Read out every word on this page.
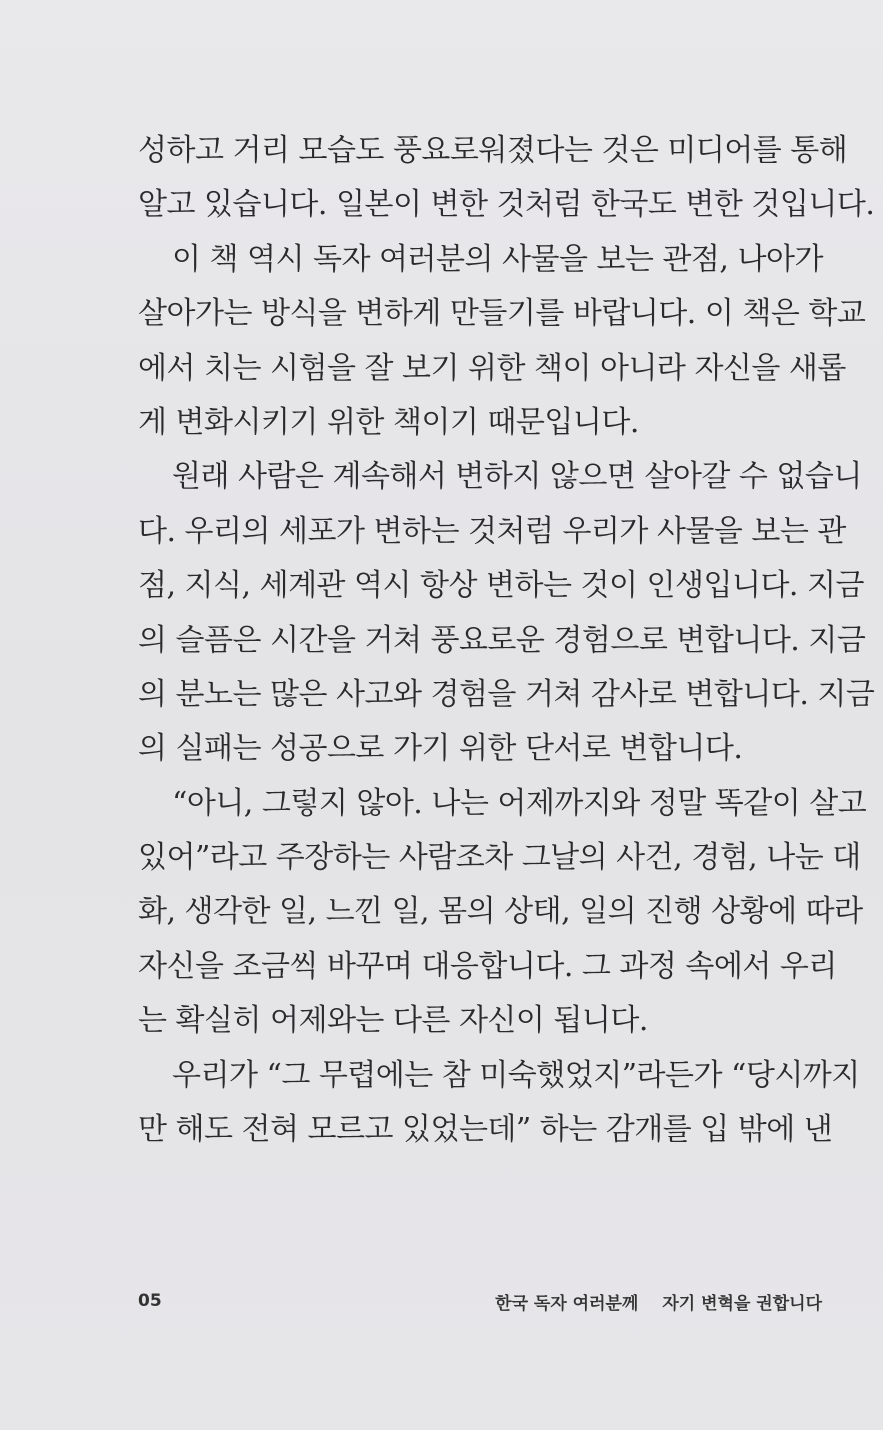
성하고 거리 모습도 풍요로워졌다는 것은 미디어를 통해
알고 있습니다. 일본이 변한 것처럼 한국도 변한 것입니다.
이 책 역시 독자 여러분의 사물을 보는 관점, 나아가
살아가는 방식을 변하게 만들기를 바랍니다. 이 책은 학교
에서 치는 시험을 잘 보기 위한 책이 아니라 자신을 새롭
게 변화시키기 위한 책이기 때문입니다.
원래 사람은 계속해서 변하지 않으면 살아갈 수 없습니
다. 우리의 세포가 변하는 것처럼 우리가 사물을 보는 관
점, 지식, 세계관 역시 항상 변하는 것이 인생입니다. 지금
의 슬픔은 시간을 거쳐 풍요로운 경험으로 변합니다. 지금
의 분노는 많은 사고와 경험을 거쳐 감사로 변합니다. 지금
의 실패는 성공으로 가기 위한 단서로 변합니다.
“아니, 그렇지 않아. 나는 어제까지와 정말 똑같이 살고
있어”라고 주장하는 사람조차 그날의 사건, 경험, 나눈 대
화, 생각한 일, 느낀 일, 몸의 상태, 일의 진행 상황에 따라
자신을 조금씩 바꾸며 대응합니다. 그 과정 속에서 우리
는 확실히 어제와는 다른 자신이 됩니다.
우리가 “그 무렵에는 참 미숙했었지”라든가 “당시까지
만 해도 전혀 모르고 있었는데” 하는 감개를 입 밖에 낸
05	한국 독자 여러분께 자기 변혁을 권합니다
